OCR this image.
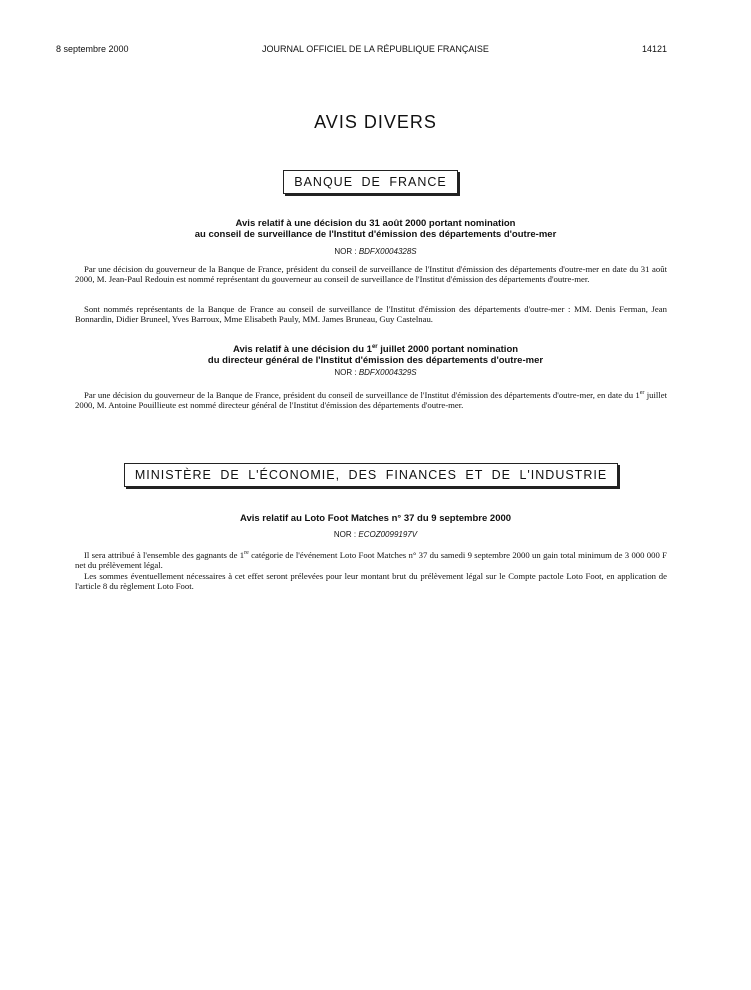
8 septembre 2000	JOURNAL OFFICIEL DE LA RÉPUBLIQUE FRANÇAISE	14121
AVIS DIVERS
BANQUE DE FRANCE
Avis relatif à une décision du 31 août 2000 portant nomination
au conseil de surveillance de l'Institut d'émission des départements d'outre-mer
NOR : BDFX0004328S
Par une décision du gouverneur de la Banque de France, président du conseil de surveillance de l'Institut d'émission des départements d'outre-mer en date du 31 août 2000, M. Jean-Paul Redouin est nommé représentant du gouverneur au conseil de surveillance de l'Institut d'émission des départements d'outre-mer.
Sont nommés représentants de la Banque de France au conseil de surveillance de l'Institut d'émission des départements d'outre-mer : MM. Denis Ferman, Jean Bonnardin, Didier Bruneel, Yves Barroux, Mme Elisabeth Pauly, MM. James Bruneau, Guy Castelnau.
Avis relatif à une décision du 1er juillet 2000 portant nomination
du directeur général de l'Institut d'émission des départements d'outre-mer
NOR : BDFX0004329S
Par une décision du gouverneur de la Banque de France, président du conseil de surveillance de l'Institut d'émission des départements d'outre-mer, en date du 1er juillet 2000, M. Antoine Pouillieute est nommé directeur général de l'Institut d'émission des départements d'outre-mer.
MINISTÈRE DE L'ÉCONOMIE, DES FINANCES ET DE L'INDUSTRIE
Avis relatif au Loto Foot Matches n° 37 du 9 septembre 2000
NOR : ECOZ0099197V
Il sera attribué à l'ensemble des gagnants de 1re catégorie de l'événement Loto Foot Matches n° 37 du samedi 9 septembre 2000 un gain total minimum de 3 000 000 F net du prélèvement légal.
Les sommes éventuellement nécessaires à cet effet seront prélevées pour leur montant brut du prélèvement légal sur le Compte pactole Loto Foot, en application de l'article 8 du règlement Loto Foot.
